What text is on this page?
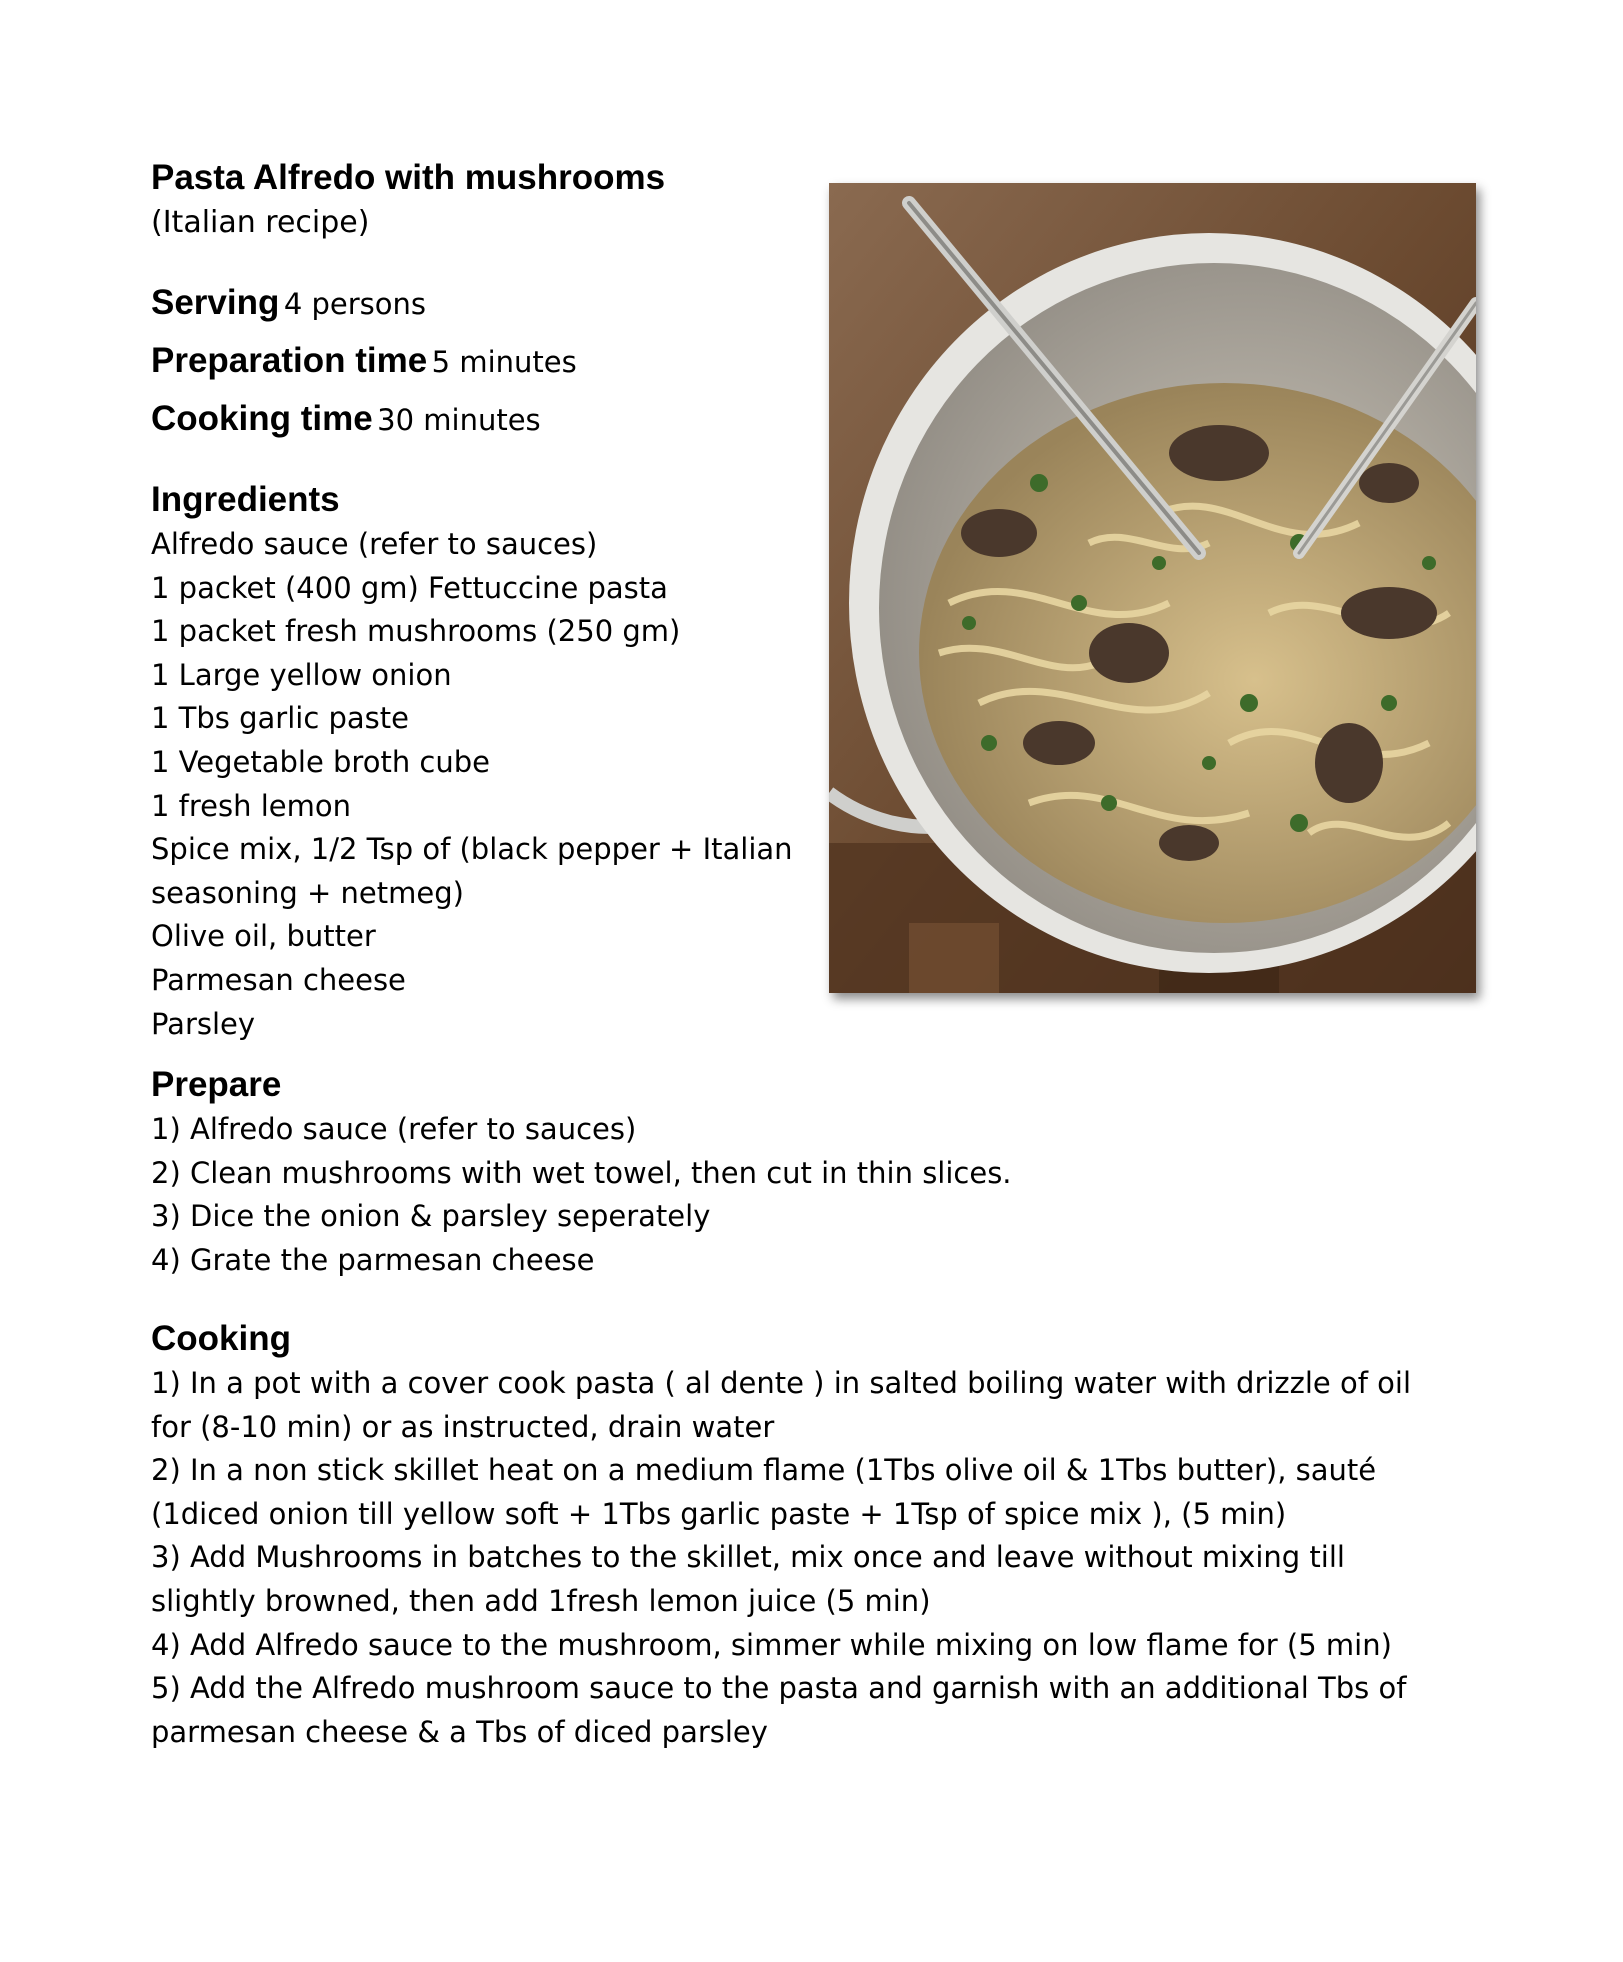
Pasta Alfredo with mushrooms

(Italian recipe)

Serving 4 persons
Preparation time 5 minutes
Cooking time 30 minutes

Ingredients

Alfredo sauce (refer to sauces)

1 packet (400 gm) Fettuccine pasta

1 packet fresh mushrooms (250 gm)

1 Large yellow onion

1 Tbs garlic paste

1 Vegetable broth cube

1 fresh lemon

Spice mix, 1/2 Tsp of (black pepper + Italian

seasoning + netmeg)

Olive oil, butter

Parmesan cheese

Parsley

Prepare

1) Alfredo sauce (refer to sauces)

2) Clean mushrooms with wet towel, then cut in thin slices.

3) Dice the onion & parsley seperately

4) Grate the parmesan cheese

Cooking

1) In a pot with a cover cook pasta ( al dente ) in salted boiling water with drizzle of oil

for (8-10 min) or as instructed, drain water

2) In a non stick skillet heat on a medium flame (1Tbs olive oil & 1Tbs butter), sauté

(1diced onion till yellow soft + 1Tbs garlic paste + 1Tsp of spice mix ), (5 min)

3) Add Mushrooms in batches to the skillet, mix once and leave without mixing till

slightly browned, then add 1fresh lemon juice (5 min)

4) Add Alfredo sauce to the mushroom, simmer while mixing on low flame for (5 min)

5) Add the Alfredo mushroom sauce to the pasta and garnish with an additional Tbs of

parmesan cheese & a Tbs of diced parsley
